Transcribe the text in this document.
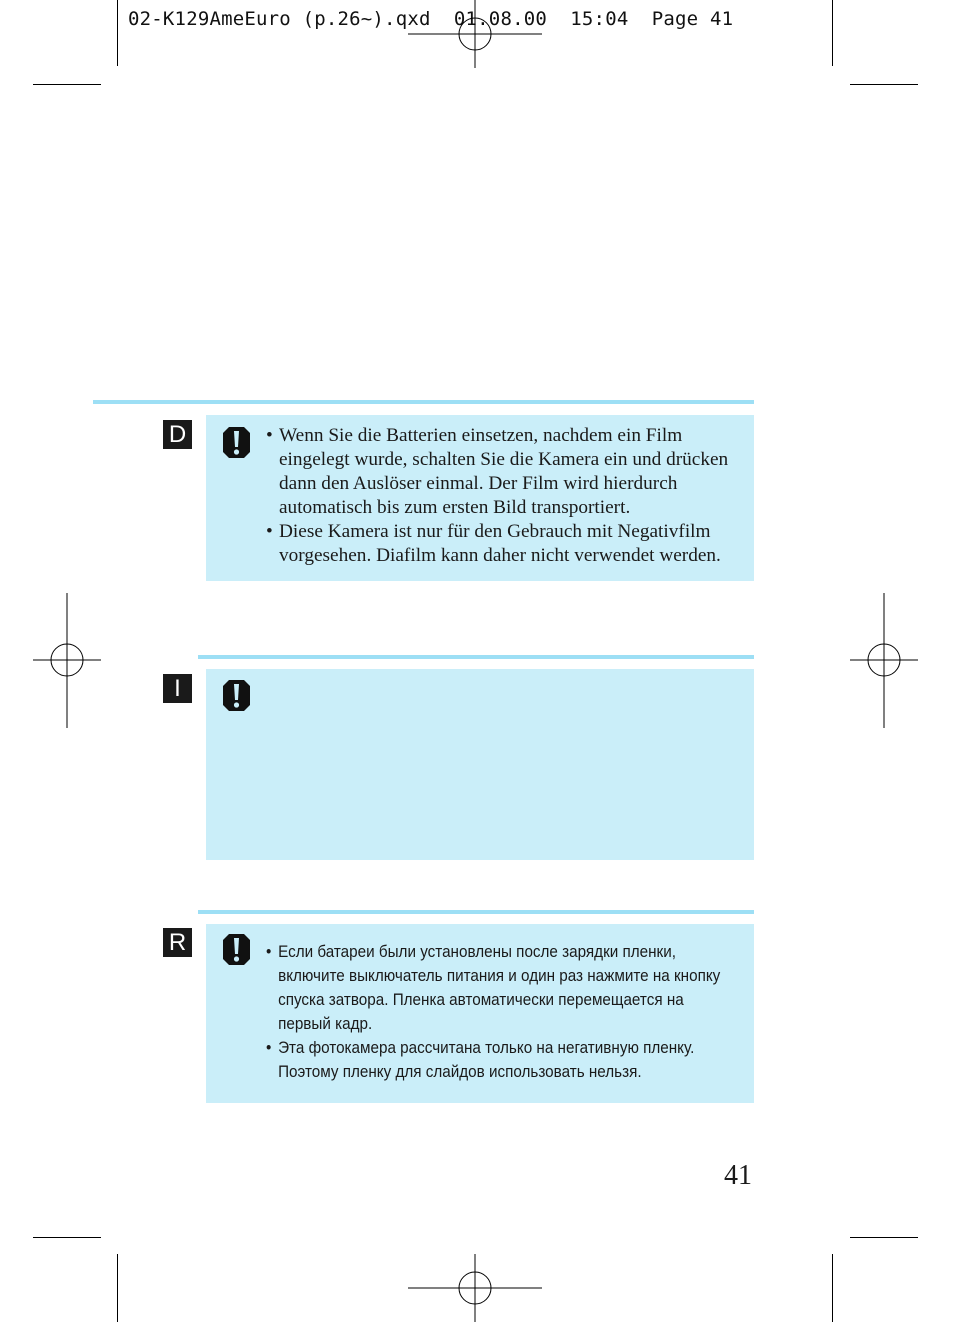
02-K129AmeEuro (p.26~).qxd  01.08.00  15:04  Page 41
D	• Wenn Sie die Batterien einsetzen, nachdem ein Film eingelegt wurde, schalten Sie die Kamera ein und drücken dann den Auslöser einmal. Der Film wird hierdurch automatisch bis zum ersten Bild transportiert.
• Diese Kamera ist nur für den Gebrauch mit Negativfilm vorgesehen. Diafilm kann daher nicht verwendet werden.
I
R	• Если батареи были установлены после зарядки пленки, включите выключатель питания и один раз нажмите на кнопку спуска затвора. Пленка автоматически перемещается на первый кадр.
• Эта фотокамера рассчитана только на негативную пленку. Поэтому пленку для слайдов использовать нельзя.
41
